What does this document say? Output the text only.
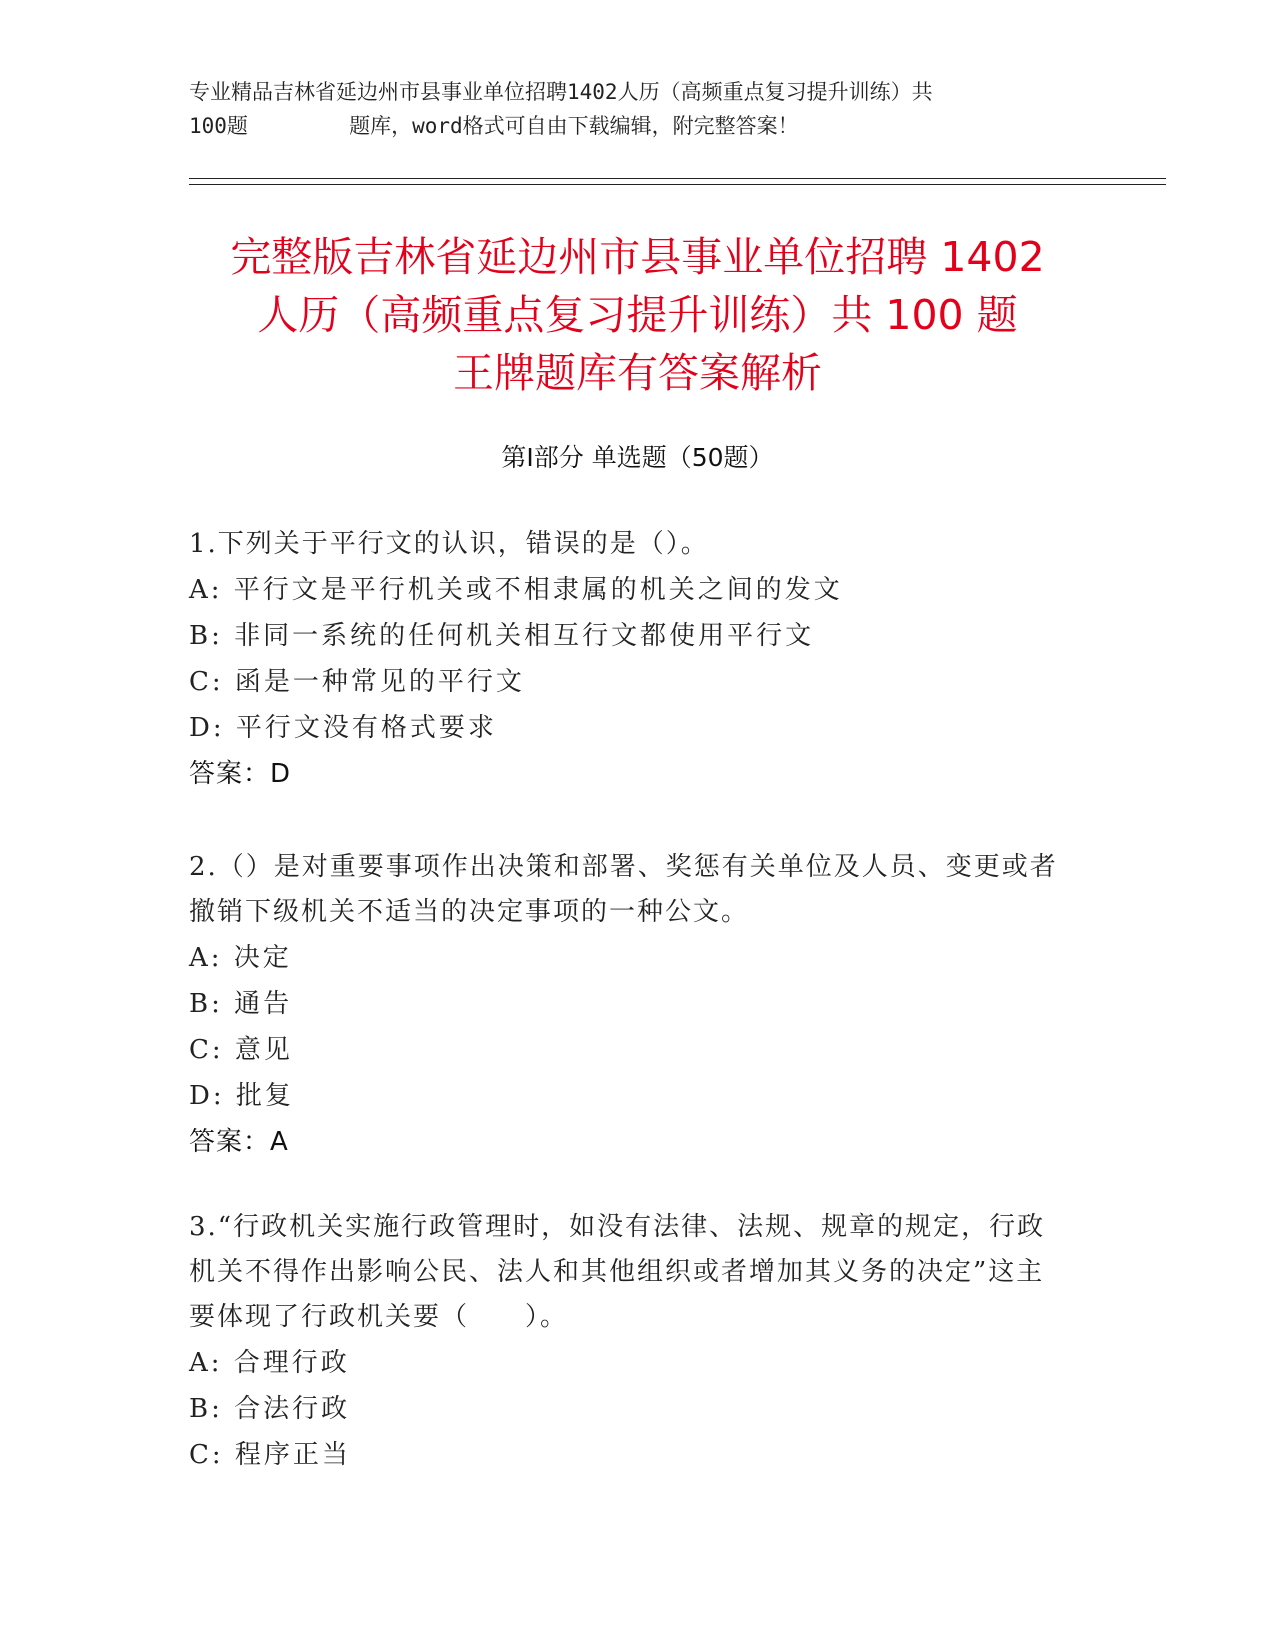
专业精品吉林省延边州市县事业单位招聘1402人历（高频重点复习提升训练）共
100题        题库，word格式可自由下载编辑，附完整答案！
完整版吉林省延边州市县事业单位招聘 1402
人历（高频重点复习提升训练）共 100 题
王牌题库有答案解析
第Ⅰ部分 单选题（50题）
1.下列关于平行文的认识，错误的是（）。
A: 平行文是平行机关或不相隶属的机关之间的发文
B: 非同一系统的任何机关相互行文都使用平行文
C: 函是一种常见的平行文
D: 平行文没有格式要求
答案：D
2.（）是对重要事项作出决策和部署、奖惩有关单位及人员、变更或者撤销下级机关不适当的决定事项的一种公文。
A: 决定
B: 通告
C: 意见
D: 批复
答案：A
3.“行政机关实施行政管理时，如没有法律、法规、规章的规定，行政机关不得作出影响公民、法人和其他组织或者增加其义务的决定”这主要体现了行政机关要（　　）。
A: 合理行政
B: 合法行政
C: 程序正当
